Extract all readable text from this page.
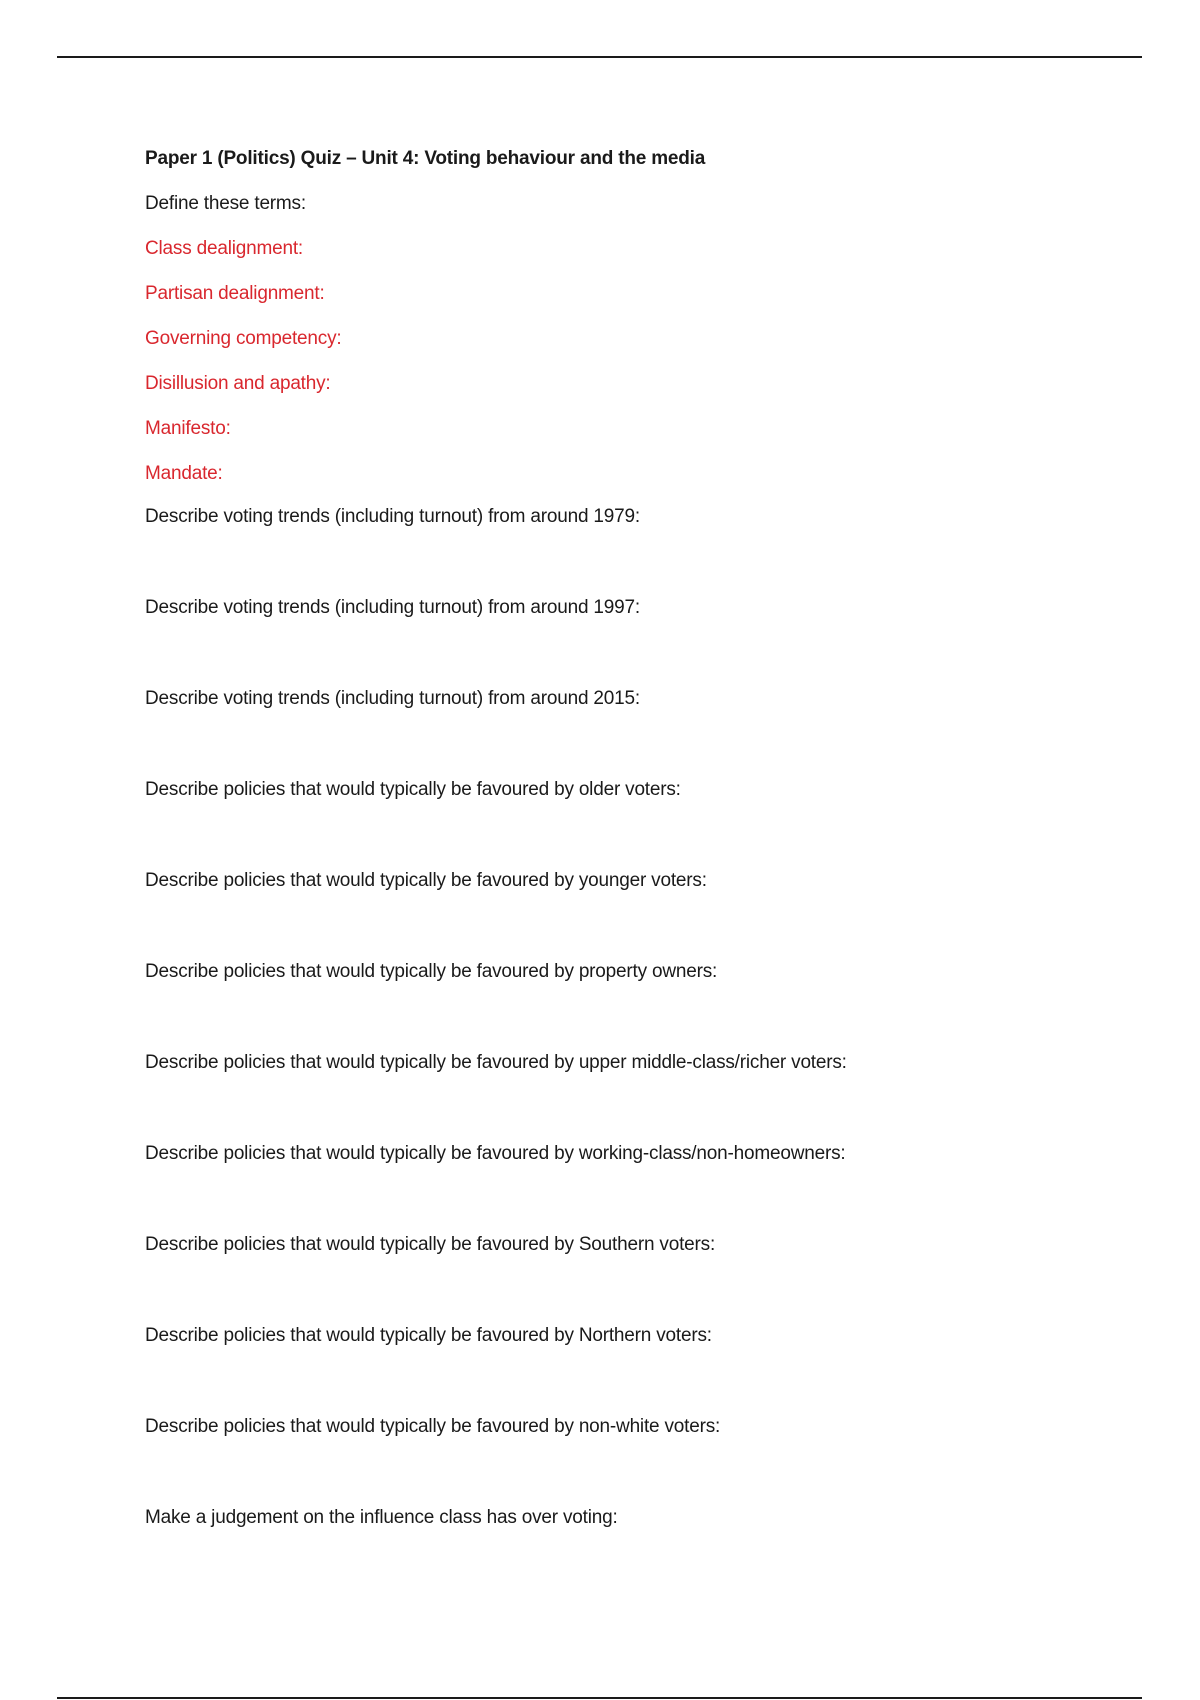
Paper 1 (Politics) Quiz – Unit 4: Voting behaviour and the media

Define these terms:

Class dealignment:
Partisan dealignment:
Governing competency:
Disillusion and apathy:
Manifesto:
Mandate:
Describe voting trends (including turnout) from around 1979:
Describe voting trends (including turnout) from around 1997:
Describe voting trends (including turnout) from around 2015:
Describe policies that would typically be favoured by older voters:
Describe policies that would typically be favoured by younger voters:
Describe policies that would typically be favoured by property owners:
Describe policies that would typically be favoured by upper middle-class/richer voters:
Describe policies that would typically be favoured by working-class/non-homeowners:
Describe policies that would typically be favoured by Southern voters:
Describe policies that would typically be favoured by Northern voters:
Describe policies that would typically be favoured by non-white voters:
Make a judgement on the influence class has over voting:
